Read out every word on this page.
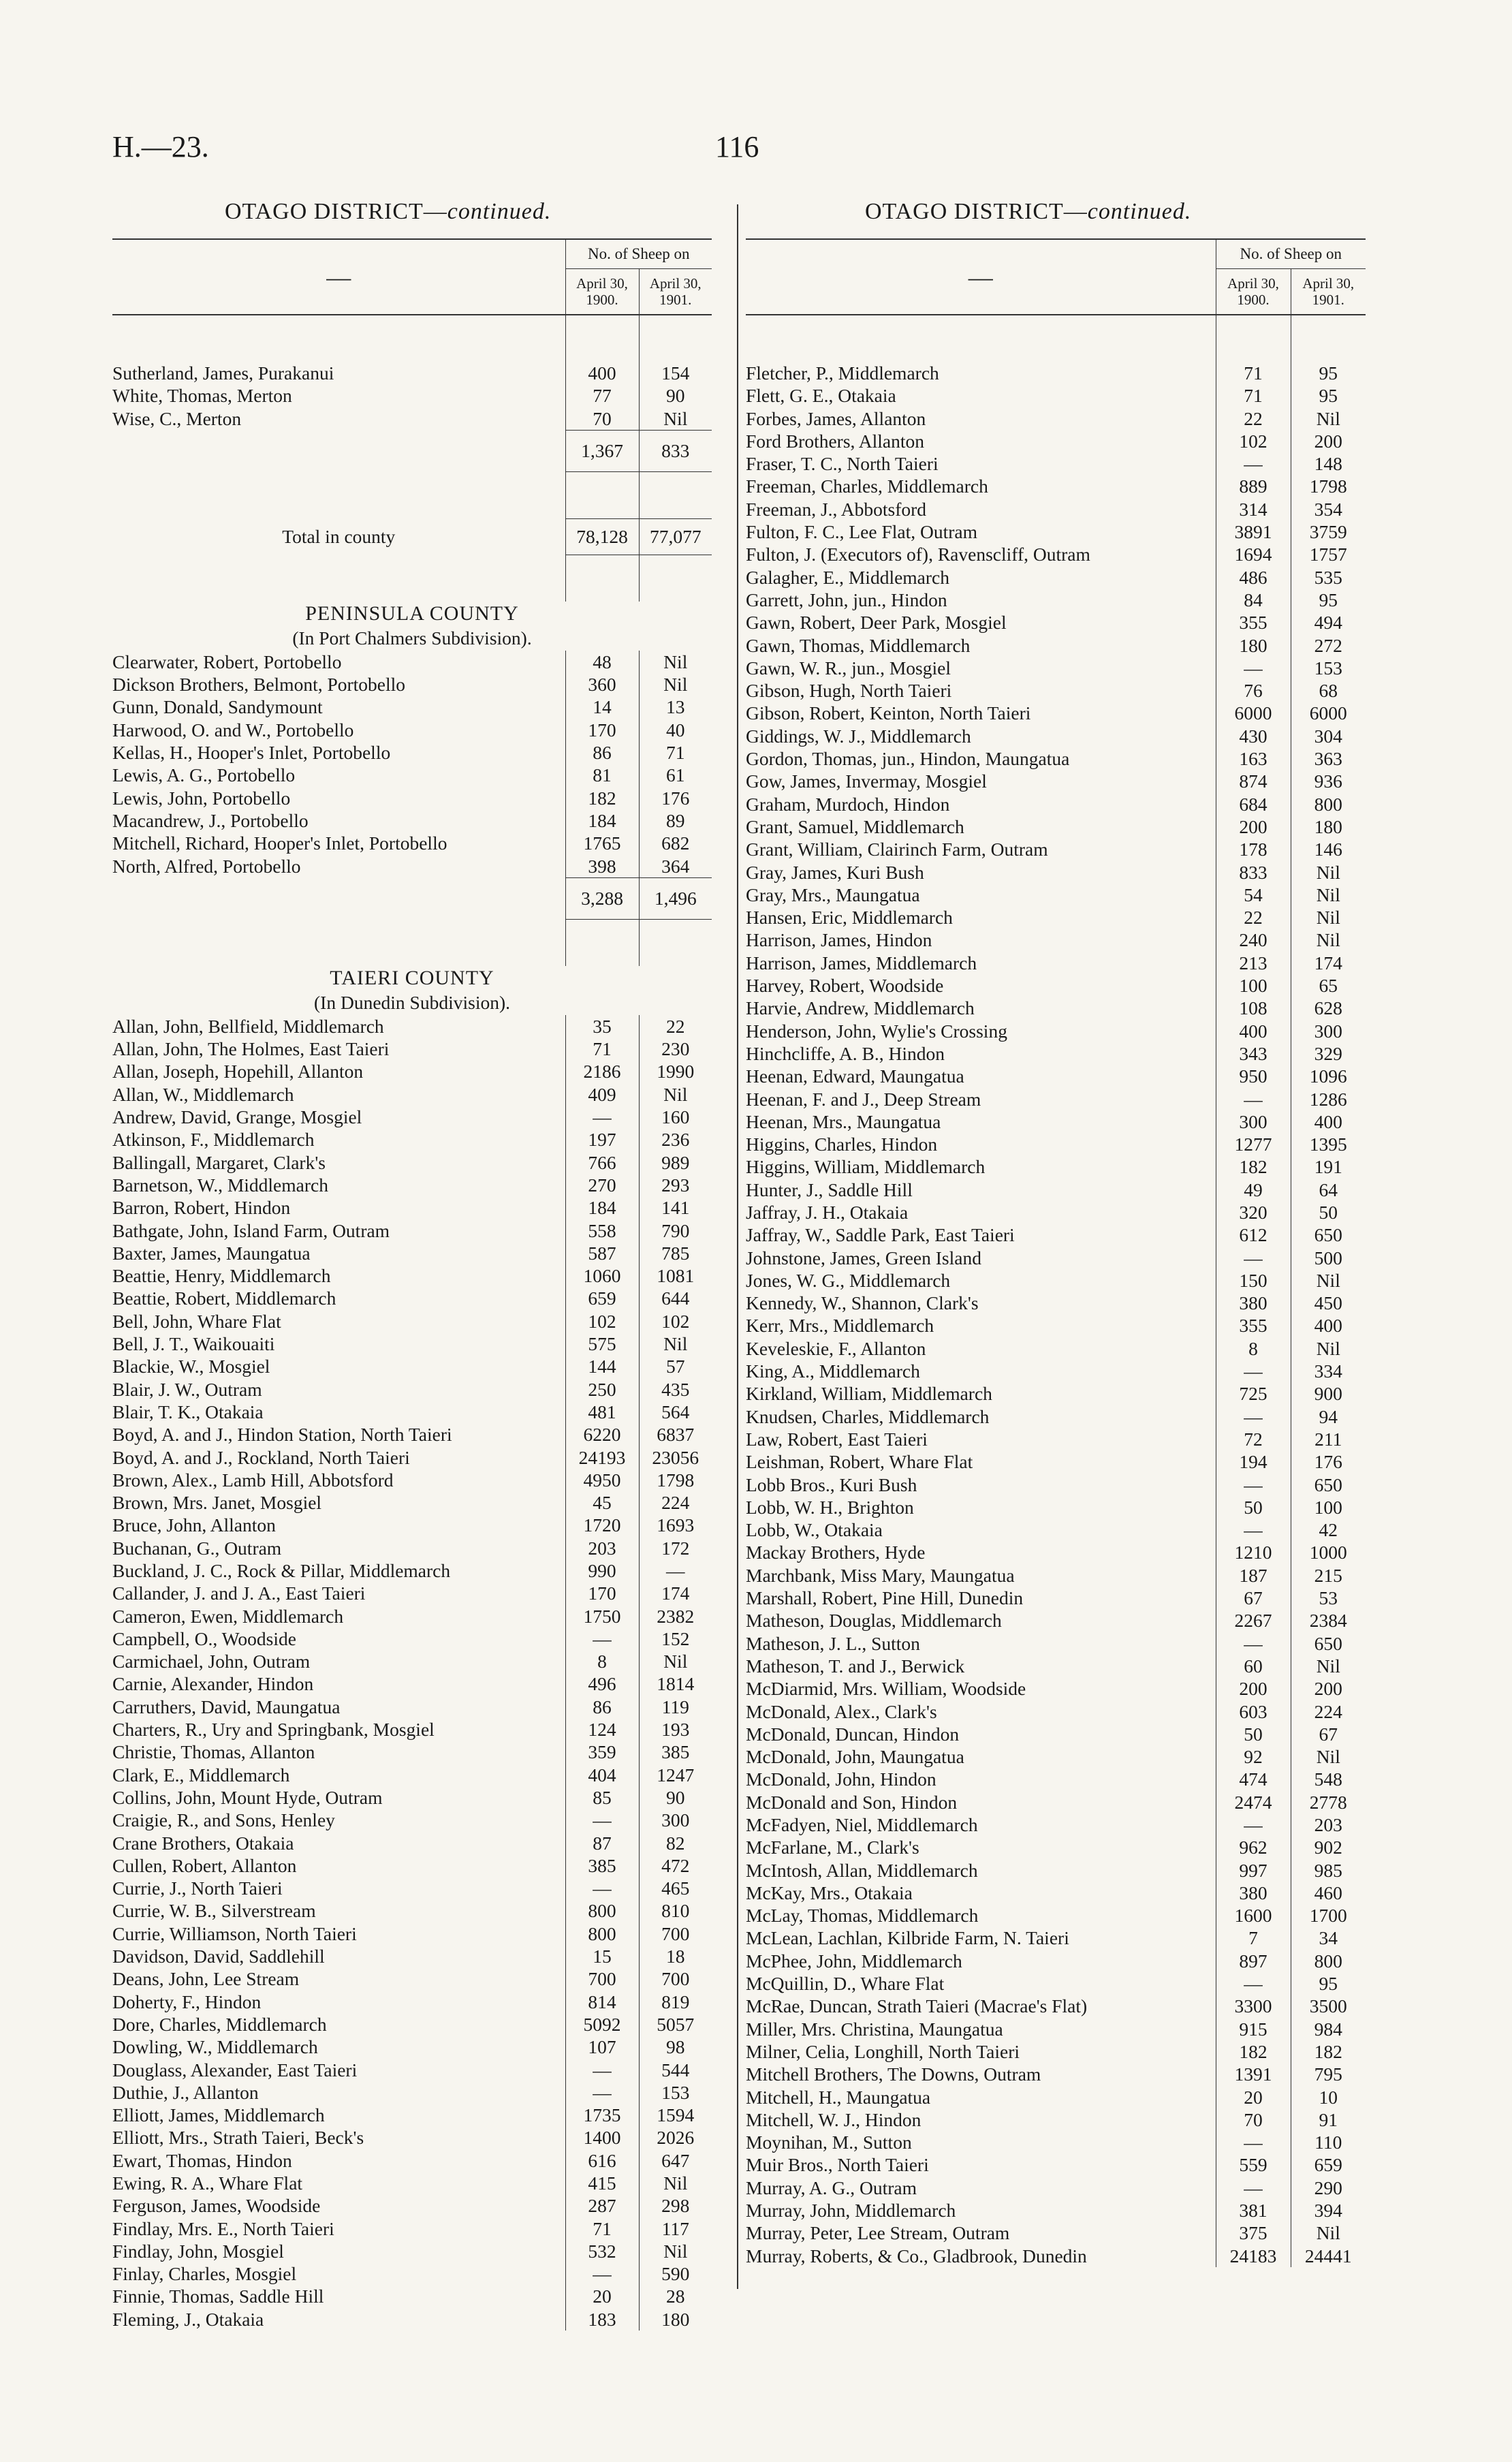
H.—23.	116
OTAGO DISTRICT—continued.	OTAGO DISTRICT—continued.
—	No. of Sheep on	
	April 30, 1900.	April 30, 1901.

Sutherland, James, Purakanui	400	154
White, Thomas, Merton	77	90
Wise, C., Merton	70	Nil
	1,367	833

Total in county	78,128	77,077

PENINSULA COUNTY		
(In Port Chalmers Subdivision).		
Clearwater, Robert, Portobello	48	Nil
Dickson Brothers, Belmont, Portobello	360	Nil
Gunn, Donald, Sandymount	14	13
Harwood, O. and W., Portobello	170	40
Kellas, H., Hooper's Inlet, Portobello	86	71
Lewis, A. G., Portobello	81	61
Lewis, John, Portobello	182	176
Macandrew, J., Portobello	184	89
Mitchell, Richard, Hooper's Inlet, Portobello	1765	682
North, Alfred, Portobello	398	364
	3,288	1,496

TAIERI COUNTY		
(In Dunedin Subdivision).		
Allan, John, Bellfield, Middlemarch	35	22
Allan, John, The Holmes, East Taieri	71	230
Allan, Joseph, Hopehill, Allanton	2186	1990
Allan, W., Middlemarch	409	Nil
Andrew, David, Grange, Mosgiel	—	160
Atkinson, F., Middlemarch	197	236
Ballingall, Margaret, Clark's	766	989
Barnetson, W., Middlemarch	270	293
Barron, Robert, Hindon	184	141
Bathgate, John, Island Farm, Outram	558	790
Baxter, James, Maungatua	587	785
Beattie, Henry, Middlemarch	1060	1081
Beattie, Robert, Middlemarch	659	644
Bell, John, Whare Flat	102	102
Bell, J. T., Waikouaiti	575	Nil
Blackie, W., Mosgiel	144	57
Blair, J. W., Outram	250	435
Blair, T. K., Otakaia	481	564
Boyd, A. and J., Hindon Station, North Taieri	6220	6837
Boyd, A. and J., Rockland, North Taieri	24193	23056
Brown, Alex., Lamb Hill, Abbotsford	4950	1798
Brown, Mrs. Janet, Mosgiel	45	224
Bruce, John, Allanton	1720	1693
Buchanan, G., Outram	203	172
Buckland, J. C., Rock & Pillar, Middlemarch	990	—
Callander, J. and J. A., East Taieri	170	174
Cameron, Ewen, Middlemarch	1750	2382
Campbell, O., Woodside	—	152
Carmichael, John, Outram	8	Nil
Carnie, Alexander, Hindon	496	1814
Carruthers, David, Maungatua	86	119
Charters, R., Ury and Springbank, Mosgiel	124	193
Christie, Thomas, Allanton	359	385
Clark, E., Middlemarch	404	1247
Collins, John, Mount Hyde, Outram	85	90
Craigie, R., and Sons, Henley	—	300
Crane Brothers, Otakaia	87	82
Cullen, Robert, Allanton	385	472
Currie, J., North Taieri	—	465
Currie, W. B., Silverstream	800	810
Currie, Williamson, North Taieri	800	700
Davidson, David, Saddlehill	15	18
Deans, John, Lee Stream	700	700
Doherty, F., Hindon	814	819
Dore, Charles, Middlemarch	5092	5057
Dowling, W., Middlemarch	107	98
Douglass, Alexander, East Taieri	—	544
Duthie, J., Allanton	—	153
Elliott, James, Middlemarch	1735	1594
Elliott, Mrs., Strath Taieri, Beck's	1400	2026
Ewart, Thomas, Hindon	616	647
Ewing, R. A., Whare Flat	415	Nil
Ferguson, James, Woodside	287	298
Findlay, Mrs. E., North Taieri	71	117
Findlay, John, Mosgiel	532	Nil
Finlay, Charles, Mosgiel	—	590
Finnie, Thomas, Saddle Hill	20	28
Fleming, J., Otakaia	183	180
—	No. of Sheep on	
	April 30, 1900.	April 30, 1901.

Fletcher, P., Middlemarch	71	95
Flett, G. E., Otakaia	71	95
Forbes, James, Allanton	22	Nil
Ford Brothers, Allanton	102	200
Fraser, T. C., North Taieri	—	148
Freeman, Charles, Middlemarch	889	1798
Freeman, J., Abbotsford	314	354
Fulton, F. C., Lee Flat, Outram	3891	3759
Fulton, J. (Executors of), Ravenscliff, Outram	1694	1757
Galagher, E., Middlemarch	486	535
Garrett, John, jun., Hindon	84	95
Gawn, Robert, Deer Park, Mosgiel	355	494
Gawn, Thomas, Middlemarch	180	272
Gawn, W. R., jun., Mosgiel	—	153
Gibson, Hugh, North Taieri	76	68
Gibson, Robert, Keinton, North Taieri	6000	6000
Giddings, W. J., Middlemarch	430	304
Gordon, Thomas, jun., Hindon, Maungatua	163	363
Gow, James, Invermay, Mosgiel	874	936
Graham, Murdoch, Hindon	684	800
Grant, Samuel, Middlemarch	200	180
Grant, William, Clairinch Farm, Outram	178	146
Gray, James, Kuri Bush	833	Nil
Gray, Mrs., Maungatua	54	Nil
Hansen, Eric, Middlemarch	22	Nil
Harrison, James, Hindon	240	Nil
Harrison, James, Middlemarch	213	174
Harvey, Robert, Woodside	100	65
Harvie, Andrew, Middlemarch	108	628
Henderson, John, Wylie's Crossing	400	300
Hinchcliffe, A. B., Hindon	343	329
Heenan, Edward, Maungatua	950	1096
Heenan, F. and J., Deep Stream	—	1286
Heenan, Mrs., Maungatua	300	400
Higgins, Charles, Hindon	1277	1395
Higgins, William, Middlemarch	182	191
Hunter, J., Saddle Hill	49	64
Jaffray, J. H., Otakaia	320	50
Jaffray, W., Saddle Park, East Taieri	612	650
Johnstone, James, Green Island	—	500
Jones, W. G., Middlemarch	150	Nil
Kennedy, W., Shannon, Clark's	380	450
Kerr, Mrs., Middlemarch	355	400
Keveleskie, F., Allanton	8	Nil
King, A., Middlemarch	—	334
Kirkland, William, Middlemarch	725	900
Knudsen, Charles, Middlemarch	—	94
Law, Robert, East Taieri	72	211
Leishman, Robert, Whare Flat	194	176
Lobb Bros., Kuri Bush	—	650
Lobb, W. H., Brighton	50	100
Lobb, W., Otakaia	—	42
Mackay Brothers, Hyde	1210	1000
Marchbank, Miss Mary, Maungatua	187	215
Marshall, Robert, Pine Hill, Dunedin	67	53
Matheson, Douglas, Middlemarch	2267	2384
Matheson, J. L., Sutton	—	650
Matheson, T. and J., Berwick	60	Nil
McDiarmid, Mrs. William, Woodside	200	200
McDonald, Alex., Clark's	603	224
McDonald, Duncan, Hindon	50	67
McDonald, John, Maungatua	92	Nil
McDonald, John, Hindon	474	548
McDonald and Son, Hindon	2474	2778
McFadyen, Niel, Middlemarch	—	203
McFarlane, M., Clark's	962	902
McIntosh, Allan, Middlemarch	997	985
McKay, Mrs., Otakaia	380	460
McLay, Thomas, Middlemarch	1600	1700
McLean, Lachlan, Kilbride Farm, N. Taieri	7	34
McPhee, John, Middlemarch	897	800
McQuillin, D., Whare Flat	—	95
McRae, Duncan, Strath Taieri (Macrae's Flat)	3300	3500
Miller, Mrs. Christina, Maungatua	915	984
Milner, Celia, Longhill, North Taieri	182	182
Mitchell Brothers, The Downs, Outram	1391	795
Mitchell, H., Maungatua	20	10
Mitchell, W. J., Hindon	70	91
Moynihan, M., Sutton	—	110
Muir Bros., North Taieri	559	659
Murray, A. G., Outram	—	290
Murray, John, Middlemarch	381	394
Murray, Peter, Lee Stream, Outram	375	Nil
Murray, Roberts, & Co., Gladbrook, Dunedin	24183	24441
